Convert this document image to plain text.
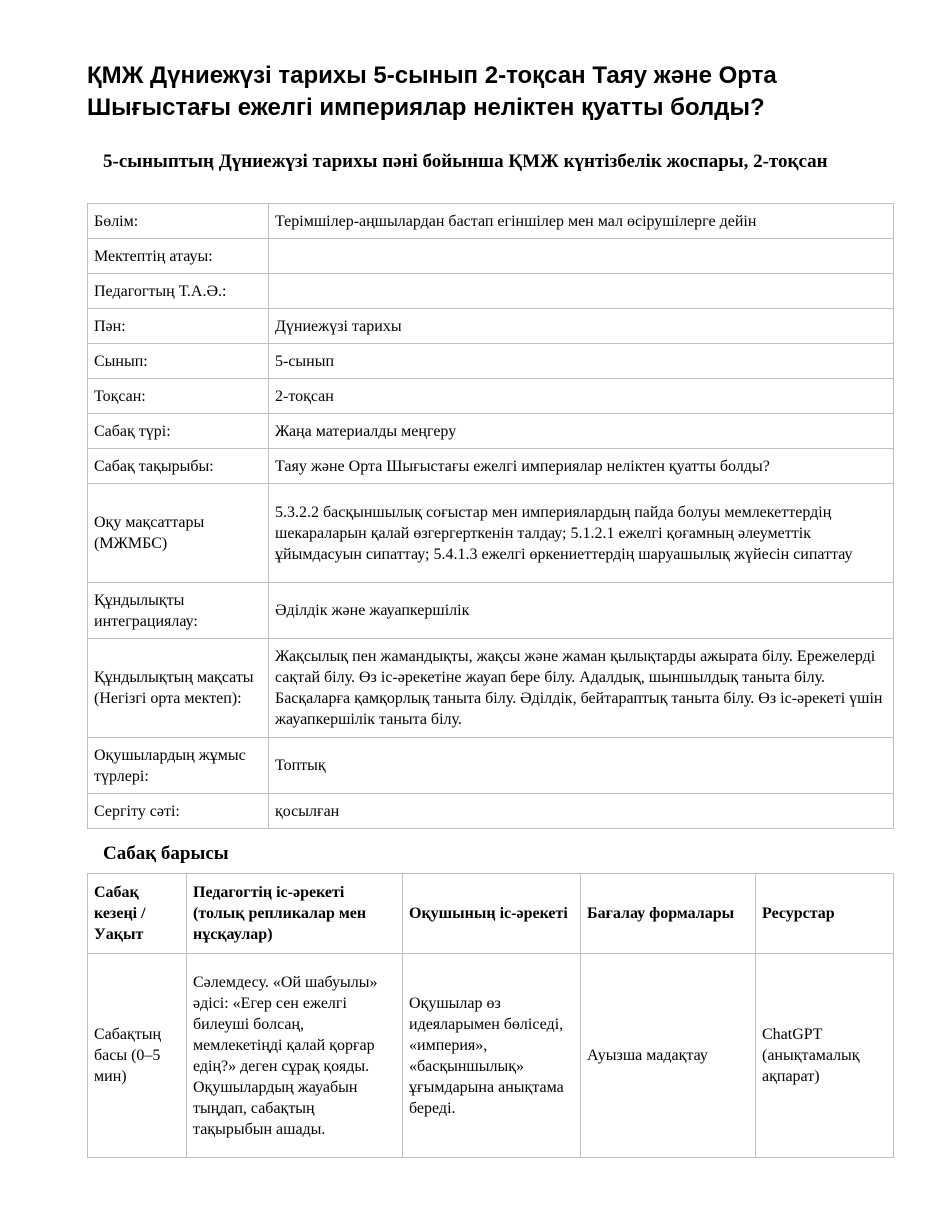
ҚМЖ Дүниежүзі тарихы 5-сынып 2-тоқсан Таяу және Орта Шығыстағы ежелгі империялар неліктен қуатты болды?
5-сыныптың Дүниежүзі тарихы пәні бойынша ҚМЖ күнтізбелік жоспары, 2-тоқсан
Бөлім:	Терімшілер-аңшылардан бастап егіншілер мен мал өсірушілерге дейін
Мектептің атауы:	
Педагогтың Т.А.Ә.:	
Пән:	Дүниежүзі тарихы
Сынып:	5-сынып
Тоқсан:	2-тоқсан
Сабақ түрі:	Жаңа материалды меңгеру
Сабақ тақырыбы:	Таяу және Орта Шығыстағы ежелгі империялар неліктен қуатты болды?
Оқу мақсаттары (МЖМБС)	5.3.2.2 басқыншылық соғыстар мен империялардың пайда болуы мемлекеттердің шекараларын қалай өзгергерткенін талдау; 5.1.2.1 ежелгі қоғамның әлеуметтік ұйымдасуын сипаттау; 5.4.1.3 ежелгі өркениеттердің шаруашылық жүйесін сипаттау
Құндылықты интеграциялау:	Әділдік және жауапкершілік
Құндылықтың мақсаты (Негізгі орта мектеп):	Жақсылық пен жамандықты, жақсы және жаман қылықтарды ажырата білу. Ережелерді сақтай білу. Өз іс-әрекетіне жауап бере білу. Адалдық, шыншылдық таныта білу. Басқаларға қамқорлық таныта білу. Әділдік, бейтараптық таныта білу. Өз іс-әрекеті үшін жауапкершілік таныта білу.
Оқушылардың жұмыс түрлері:	Топтық
Сергіту сәті:	қосылған
Сабақ барысы
Сабақ кезеңі / Уақыт	Педагогтің іс-әрекеті (толық репликалар мен нұсқаулар)	Оқушының іс-әрекеті	Бағалау формалары	Ресурстар
Сабақтың басы (0–5 мин)	Сәлемдесу. «Ой шабуылы» әдісі: «Егер сен ежелгі билеуші болсаң, мемлекетіңді қалай қорғар едің?» деген сұрақ қояды. Оқушылардың жауабын тыңдап, сабақтың тақырыбын ашады.	Оқушылар өз идеяларымен бөліседі, «империя», «басқыншылық» ұғымдарына анықтама береді.	Ауызша мадақтау	ChatGPT (анықтамалық ақпарат)
